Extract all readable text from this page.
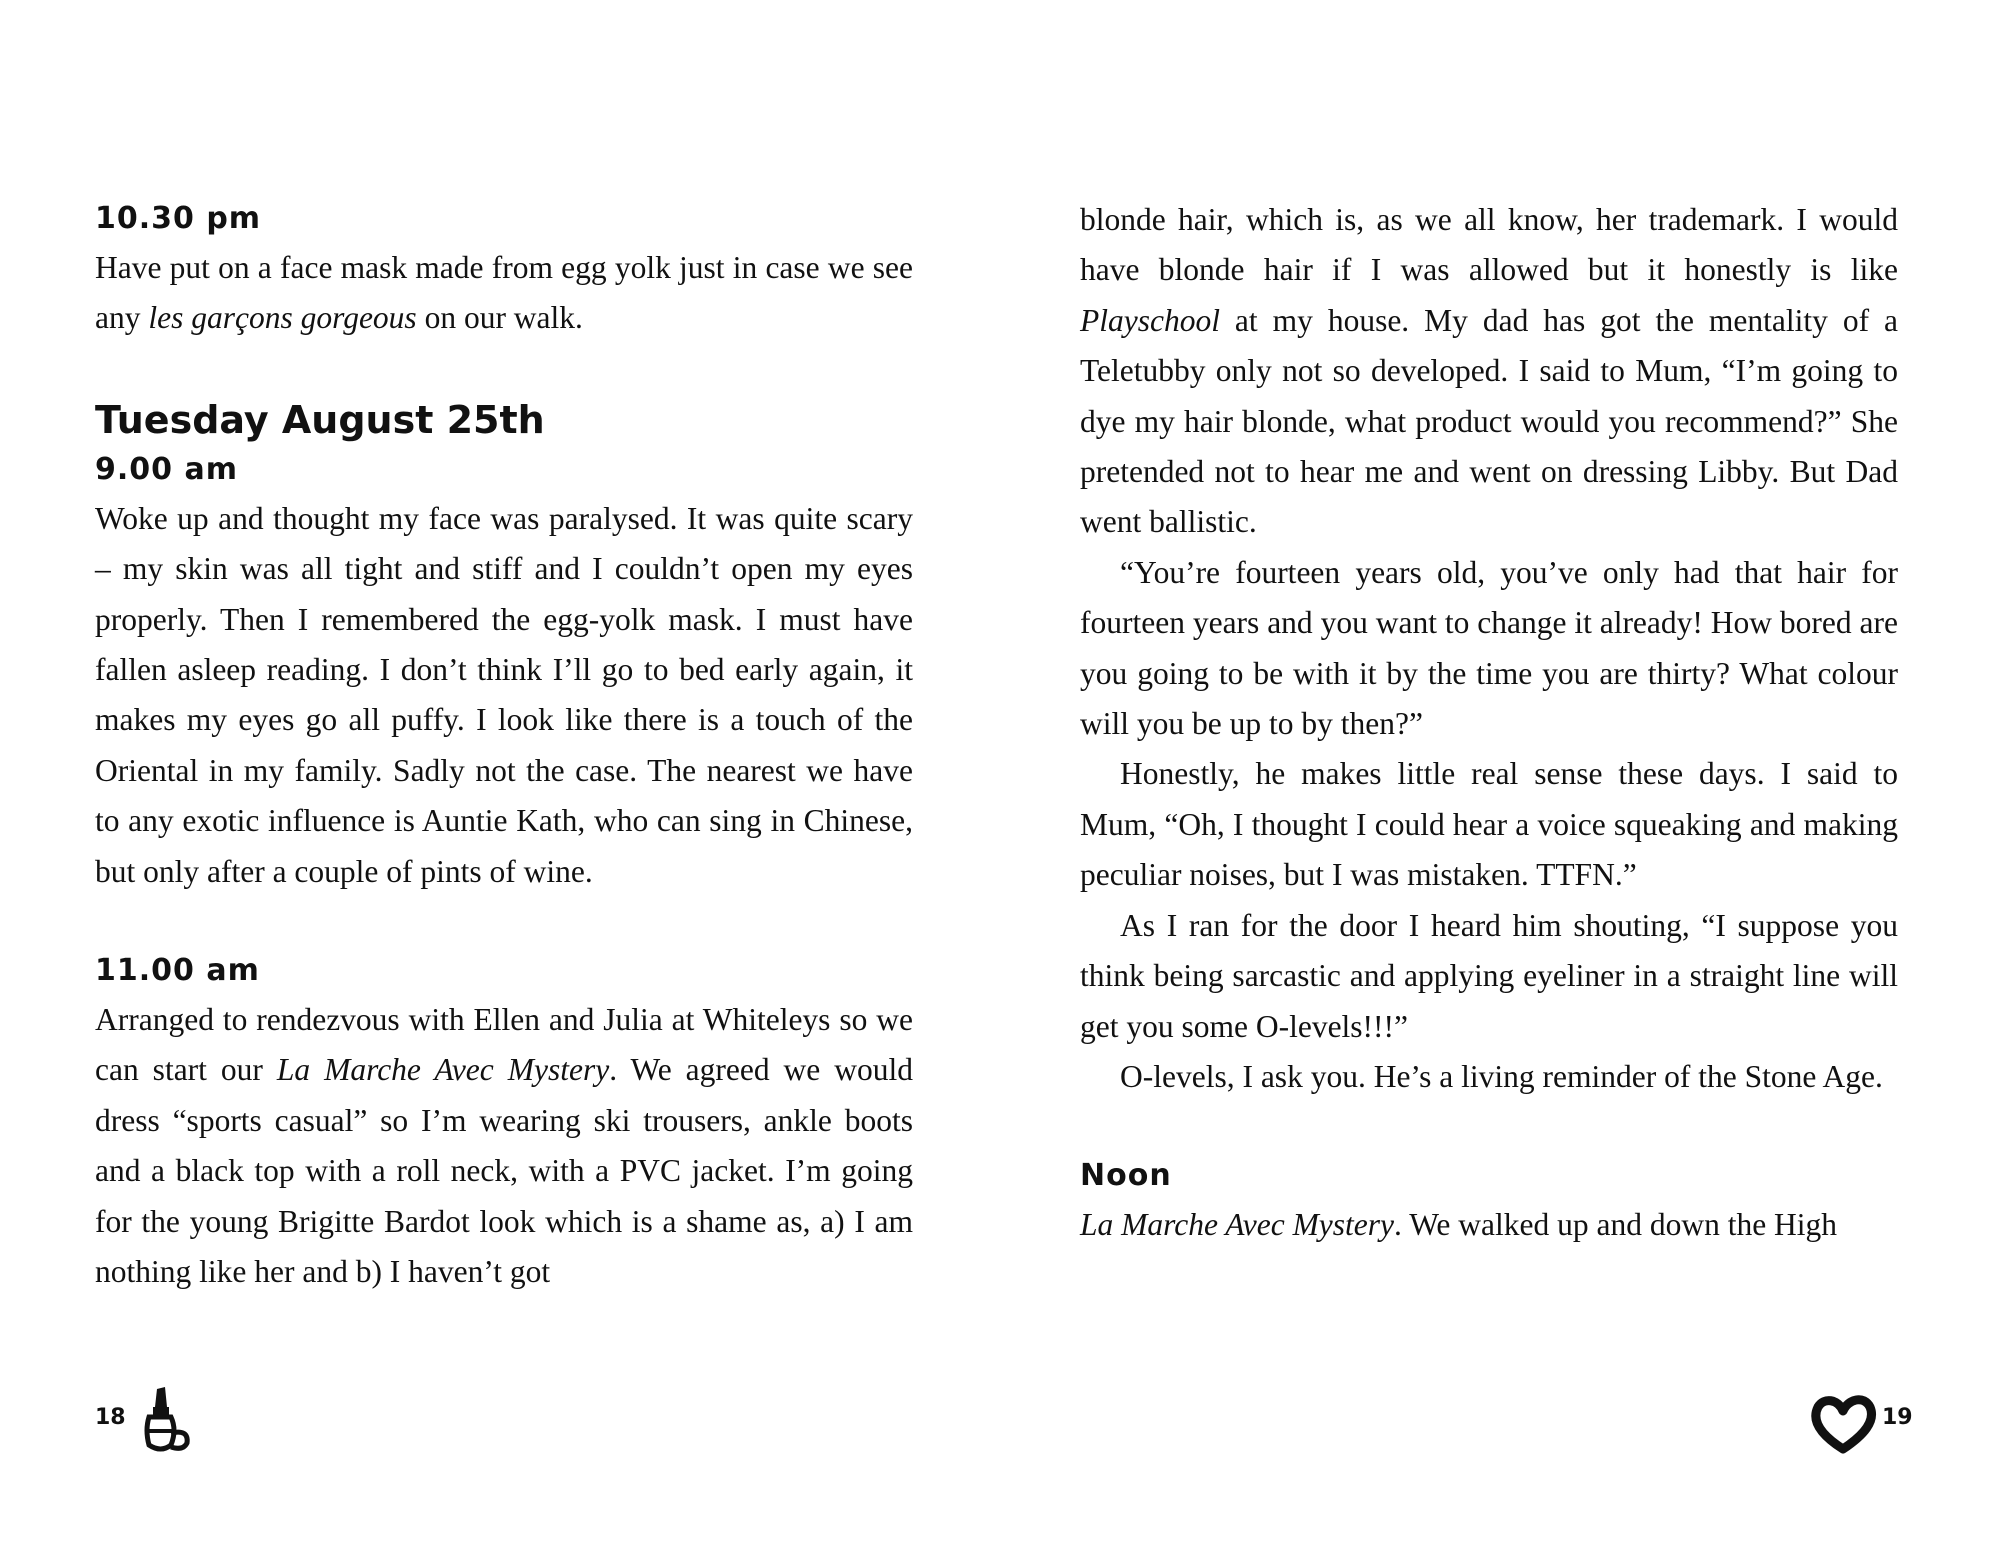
10.30 pm

Have put on a face mask made from egg yolk just in case we see any les garçons gorgeous on our walk.

Tuesday August 25th
9.00 am

Woke up and thought my face was paralysed. It was quite scary – my skin was all tight and stiff and I couldn’t open my eyes properly. Then I remembered the egg-yolk mask. I must have fallen asleep reading. I don’t think I’ll go to bed early again, it makes my eyes go all puffy. I look like there is a touch of the Oriental in my family. Sadly not the case. The nearest we have to any exotic influence is Auntie Kath, who can sing in Chinese, but only after a couple of pints of wine.

11.00 am

Arranged to rendezvous with Ellen and Julia at Whiteleys so we can start our La Marche Avec Mystery. We agreed we would dress “sports casual” so I’m wearing ski trousers, ankle boots and a black top with a roll neck, with a PVC jacket. I’m going for the young Brigitte Bardot look which is a shame as, a) I am nothing like her and b) I haven’t got

18

blonde hair, which is, as we all know, her trademark. I would have blonde hair if I was allowed but it honestly is like Playschool at my house. My dad has got the mentality of a Teletubby only not so developed. I said to Mum, “I’m going to dye my hair blonde, what product would you recommend?” She pretended not to hear me and went on dressing Libby. But Dad went ballistic.

“You’re fourteen years old, you’ve only had that hair for fourteen years and you want to change it already! How bored are you going to be with it by the time you are thirty? What colour will you be up to by then?”

Honestly, he makes little real sense these days. I said to Mum, “Oh, I thought I could hear a voice squeaking and making peculiar noises, but I was mistaken. TTFN.”

As I ran for the door I heard him shouting, “I suppose you think being sarcastic and applying eyeliner in a straight line will get you some O-levels!!!”

O-levels, I ask you. He’s a living reminder of the Stone Age.

Noon

La Marche Avec Mystery. We walked up and down the High

19
